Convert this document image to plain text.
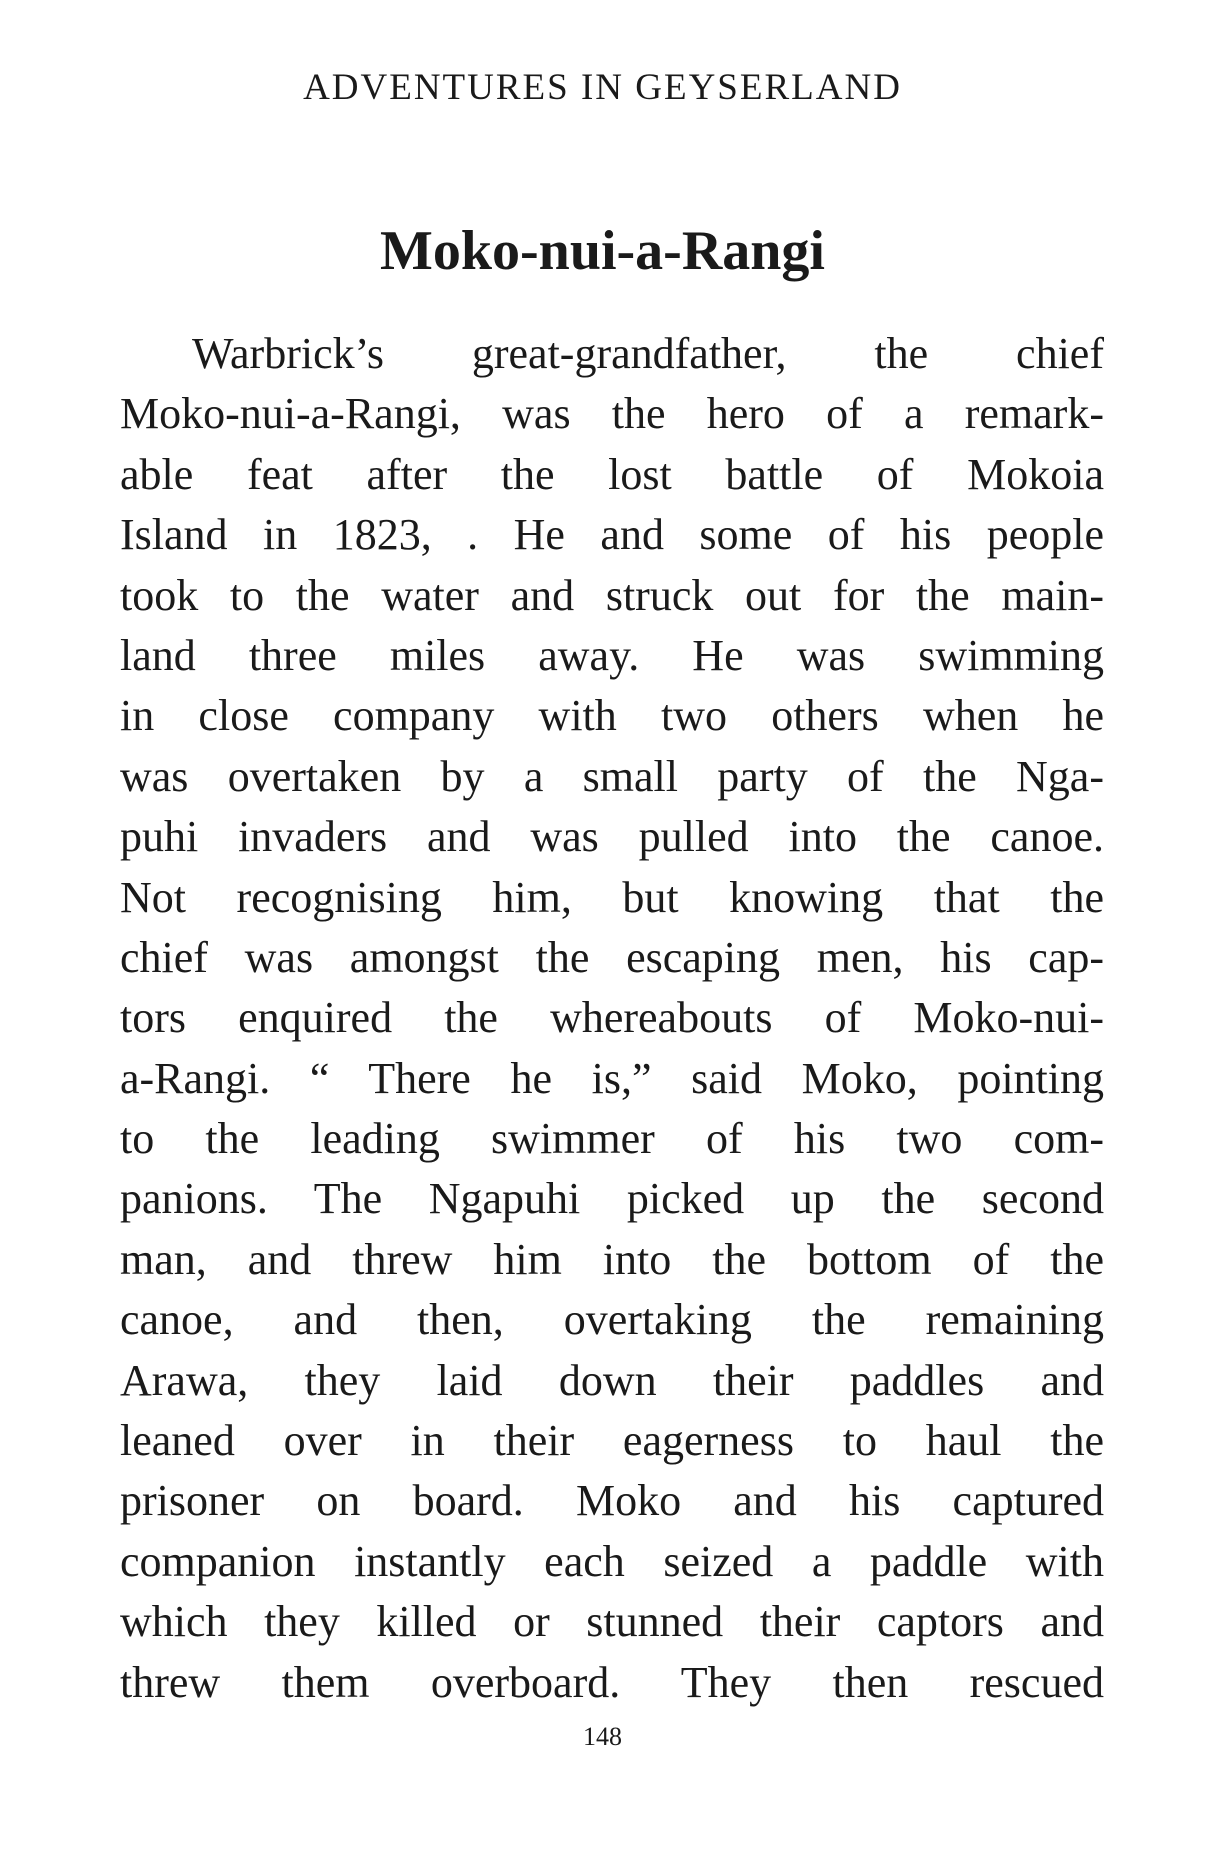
ADVENTURES IN GEYSERLAND
Moko-nui-a-Rangi
Warbrick’s great-grandfather, the chief
Moko-nui-a-Rangi, was the hero of a remark-
able feat after the lost battle of Mokoia
Island in 1823, . He and some of his people
took to the water and struck out for the main-
land three miles away. He was swimming
in close company with two others when he
was overtaken by a small party of the Nga-
puhi invaders and was pulled into the canoe.
Not recognising him, but knowing that the
chief was amongst the escaping men, his cap-
tors enquired the whereabouts of Moko-nui-
a-Rangi. “ There he is,” said Moko, pointing
to the leading swimmer of his two com-
panions. The Ngapuhi picked up the second
man, and threw him into the bottom of the
canoe, and then, overtaking the remaining
Arawa, they laid down their paddles and
leaned over in their eagerness to haul the
prisoner on board. Moko and his captured
companion instantly each seized a paddle with
which they killed or stunned their captors and
threw them overboard. They then rescued
148
